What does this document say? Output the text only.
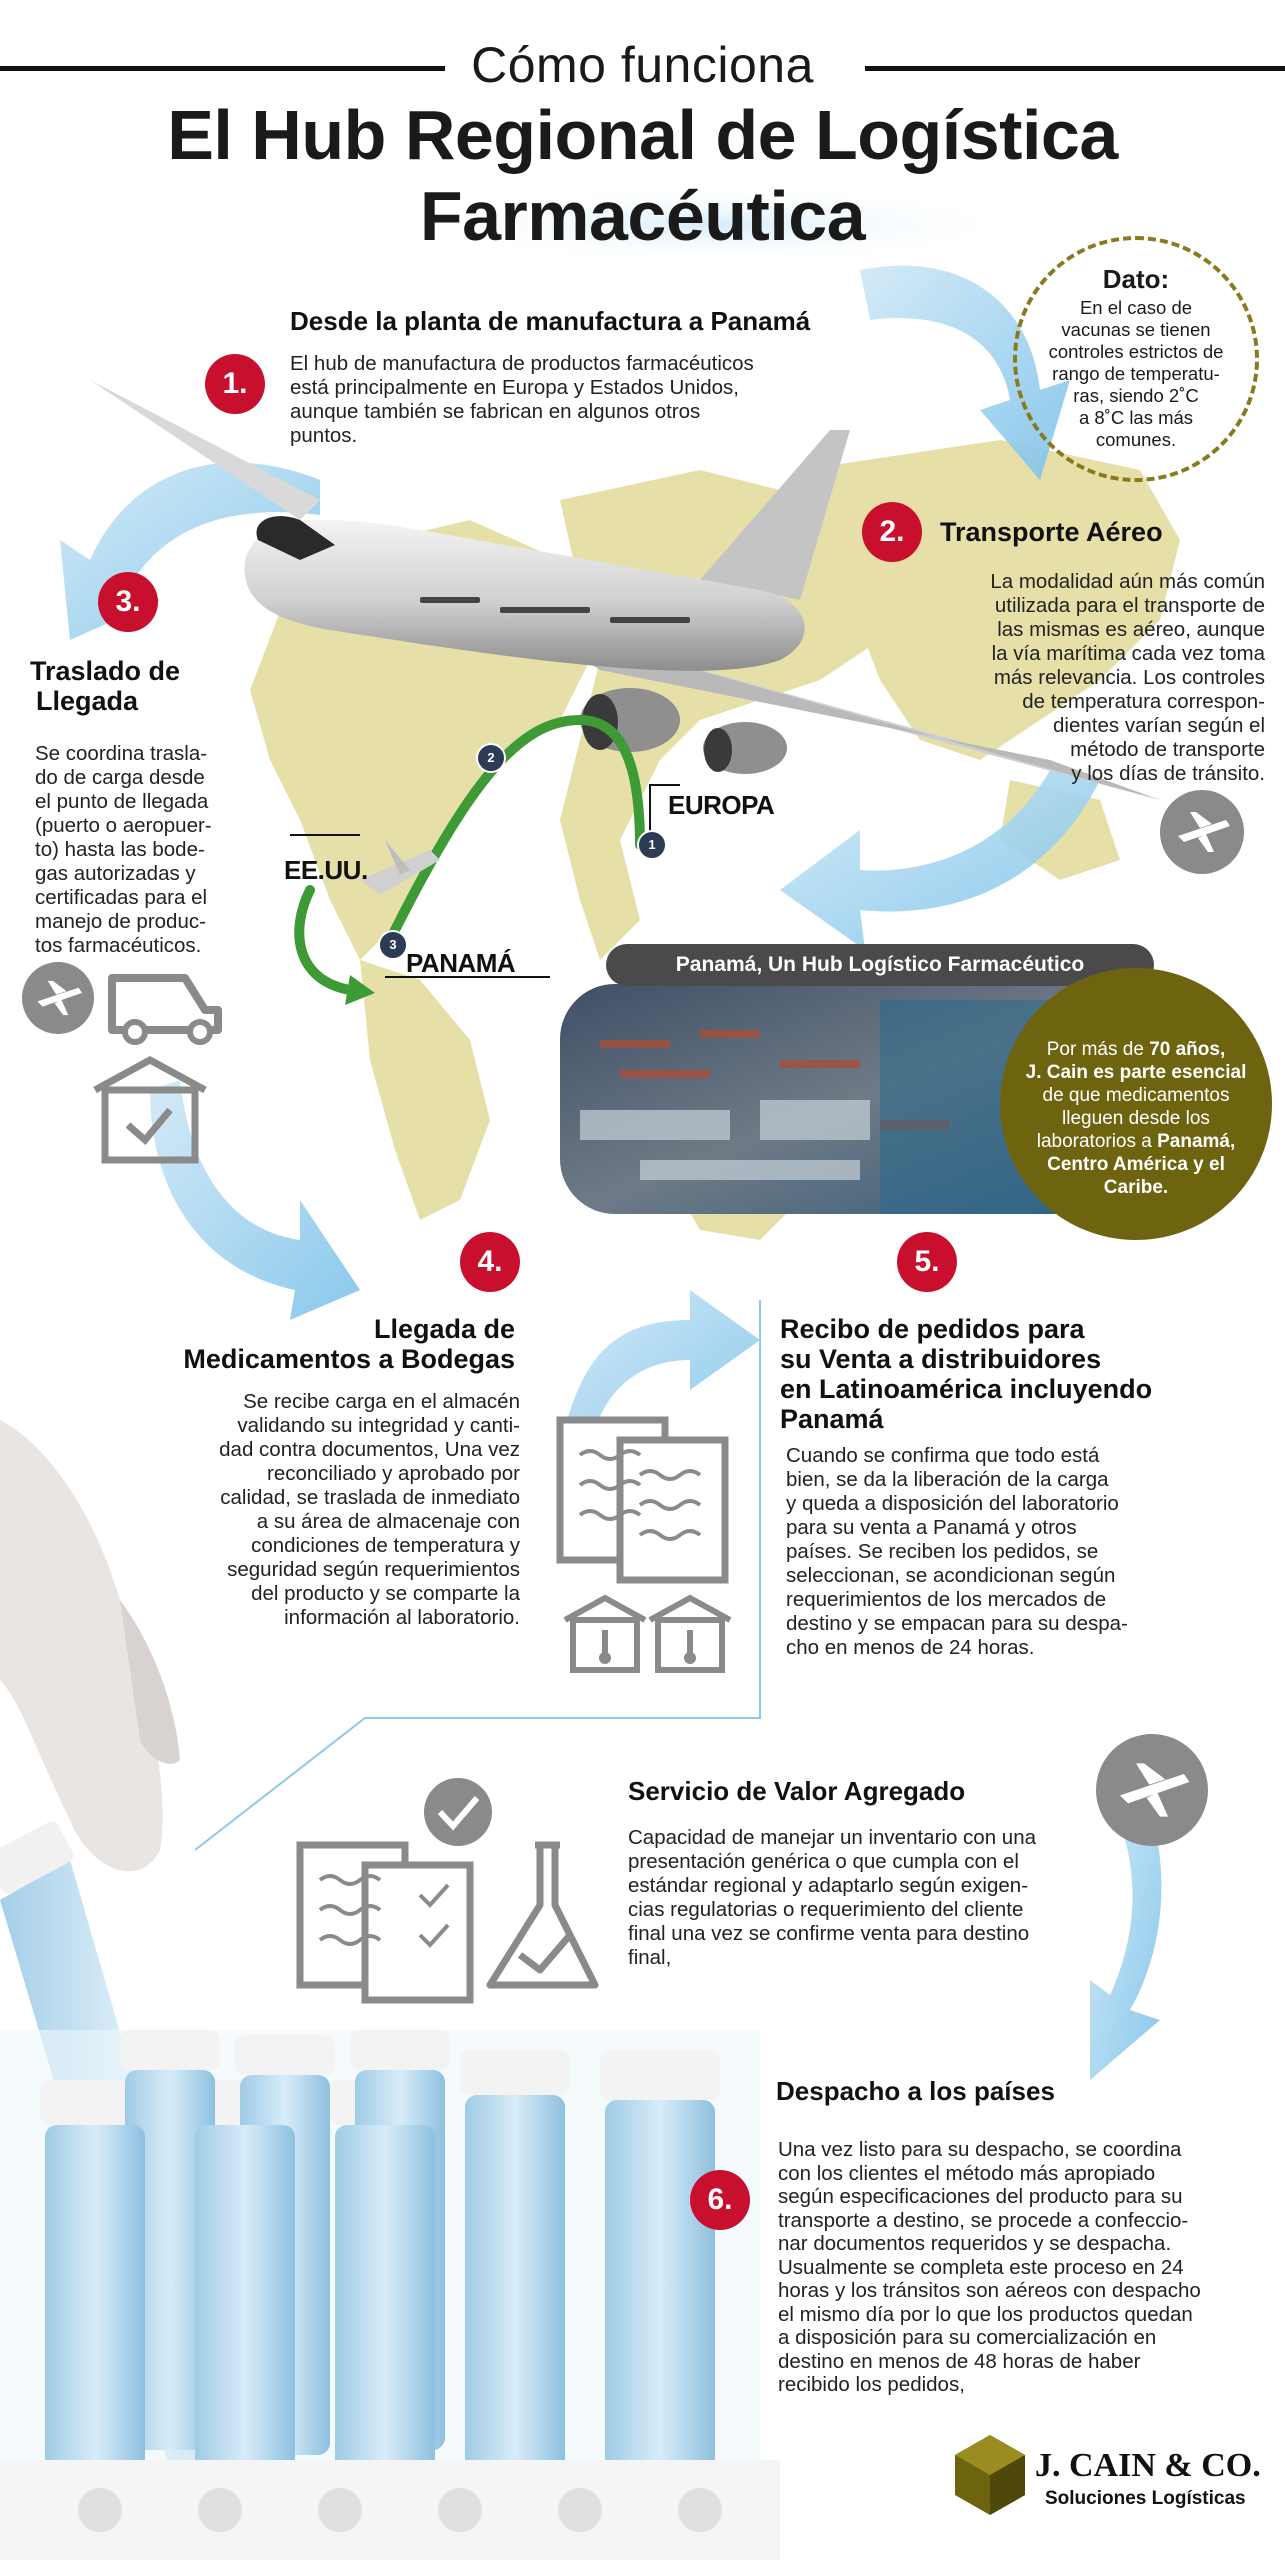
Cómo funciona
El Hub Regional de Logística
Farmacéutica
1.
Desde la planta de manufactura a Panamá
El hub de manufactura de productos farmacéuticos
está principalmente en Europa y Estados Unidos,
aunque también se fabrican en algunos otros
puntos.
Dato:
En el caso de
vacunas se tienen
controles estrictos de
rango de temperatu-
ras, siendo 2˚C
a 8˚C las más
comunes.
2.	Transporte Aéreo
La modalidad aún más común
utilizada para el transporte de
las mismas es aéreo, aunque
la vía marítima cada vez toma
más relevancia. Los controles
de temperatura correspon-
dientes varían según el
método de transporte
y los días de tránsito.
3.
Traslado de
Llegada
Se coordina trasla-
do de carga desde
el punto de llegada
(puerto o aeropuer-
to) hasta las bode-
gas autorizadas y
certificadas para el
manejo de produc-
tos farmacéuticos.
EUROPA
EE.UU.
PANAMÁ
1
2
3
Panamá, Un Hub Logístico Farmacéutico
Por más de 70 años,
J. Cain es parte esencial
de que medicamentos
lleguen desde los
laboratorios a Panamá,
Centro América y el
Caribe.
4.
Llegada de
Medicamentos a Bodegas
Se recibe carga en el almacén
validando su integridad y canti-
dad contra documentos, Una vez
reconciliado y aprobado por
calidad, se traslada de inmediato
a su área de almacenaje con
condiciones de temperatura y
seguridad según requerimientos
del producto y se comparte la
información al laboratorio.
5.
Recibo de pedidos para
su Venta a distribuidores
en Latinoamérica incluyendo
Panamá
Cuando se confirma que todo está
bien, se da la liberación de la carga
y queda a disposición del laboratorio
para su venta a Panamá y otros
países. Se reciben los pedidos, se
seleccionan, se acondicionan según
requerimientos de los mercados de
destino y se empacan para su despa-
cho en menos de 24 horas.
Servicio de Valor Agregado
Capacidad de manejar un inventario con una
presentación genérica o que cumpla con el
estándar regional y adaptarlo según exigen-
cias regulatorias o requerimiento del cliente
final una vez se confirme venta para destino
final,
Despacho a los países
6.
Una vez listo para su despacho, se coordina
con los clientes el método más apropiado
según especificaciones del producto para su
transporte a destino, se procede a confeccio-
nar documentos requeridos y se despacha.
Usualmente se completa este proceso en 24
horas y los tránsitos son aéreos con despacho
el mismo día por lo que los productos quedan
a disposición para su comercialización en
destino en menos de 48 horas de haber
recibido los pedidos,
J. CAIN & CO.
Soluciones Logísticas
